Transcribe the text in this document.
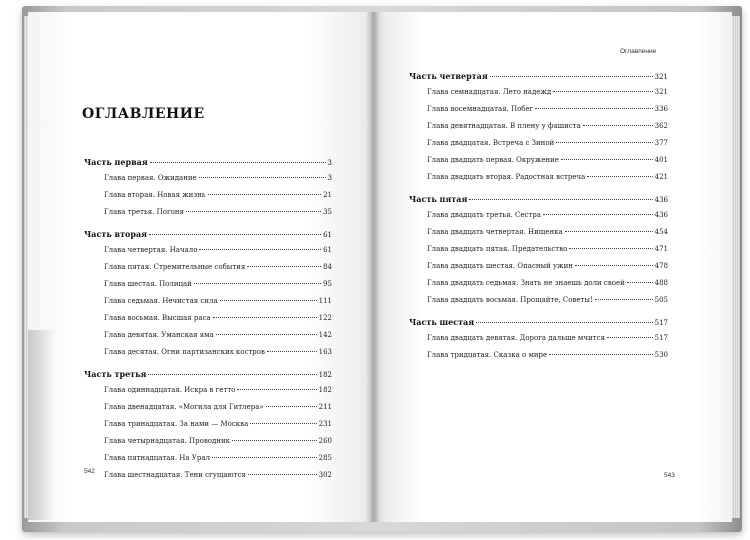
ОГЛАВЛЕНИЕ
Оглавление
542
543
Часть первая	3
Глава первая. Ожидание	3
Глава вторая. Новая жизнь	21
Глава третья. Погоня	35
Часть вторая	61
Глава четвертая. Начало	61
Глава пятая. Стремительные события	84
Глава шестая. Полицай	95
Глава седьмая. Нечистая сила	111
Глава восьмая. Высшая раса	122
Глава девятая. Уманская яма	142
Глава десятая. Огни партизанских костров	163
Часть третья	182
Глава одиннадцатая. Искра в гетто	182
Глава двенадцатая. «Могила для Гитлера»	211
Глава тринадцатая. За нами — Москва	231
Глава четырнадцатая. Проводник	260
Глава пятнадцатая. На Урал	285
Глава шестнадцатая. Тени сгущаются	302
Часть четвертая	321
Глава семнадцатая. Лето надежд	321
Глава восемнадцатая. Побег	336
Глава девятнадцатая. В плену у фашиста	362
Глава двадцатая. Встреча с Зиной	377
Глава двадцать первая. Окружение	401
Глава двадцать вторая. Радостная встреча	421
Часть пятая	436
Глава двадцать третья. Сестра	436
Глава двадцать четвертая. Нищенка	454
Глава двадцать пятая. Предательство	471
Глава двадцать шестая. Опасный ужин	478
Глава двадцать седьмая. Знать не знаешь доли своей	488
Глава двадцать восьмая. Прощайте, Советы!	505
Часть шестая	517
Глава двадцать девятая. Дорога дальше мчится	517
Глава тридцатая. Сказка о мире	530
